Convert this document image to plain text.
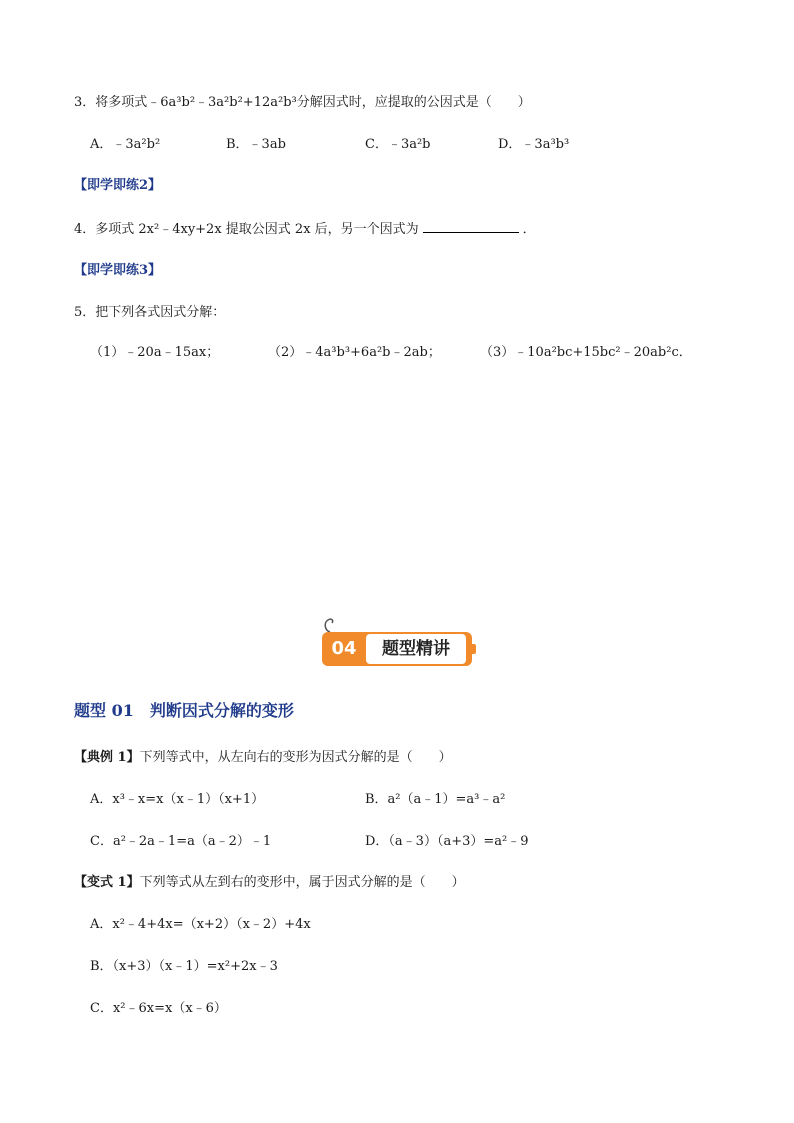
3．将多项式﹣6a³b²﹣3a²b²+12a²b³分解因式时，应提取的公因式是（　　）
A．﹣3a²b²	B．﹣3ab	C．﹣3a²b	D．﹣3a³b³
【即学即练2】
4．多项式 2x²﹣4xy+2x 提取公因式 2x 后，另一个因式为	．
【即学即练3】
5．把下列各式因式分解：
（1）﹣20a﹣15ax；	（2）﹣4a³b³+6a²b﹣2ab；	（3）﹣10a²bc+15bc²﹣20ab²c．
04	题型精讲
题型 01　判断因式分解的变形
【典例 1】下列等式中，从左向右的变形为因式分解的是（　　）
A．x³﹣x=x（x﹣1）（x+1）	B．a²（a﹣1）=a³﹣a²
C．a²﹣2a﹣1=a（a﹣2）﹣1	D．（a﹣3）（a+3）=a²﹣9
【变式 1】下列等式从左到右的变形中，属于因式分解的是（　　）
A．x²﹣4+4x=（x+2）（x﹣2）+4x
B．（x+3）（x﹣1）=x²+2x﹣3
C．x²﹣6x=x（x﹣6）
